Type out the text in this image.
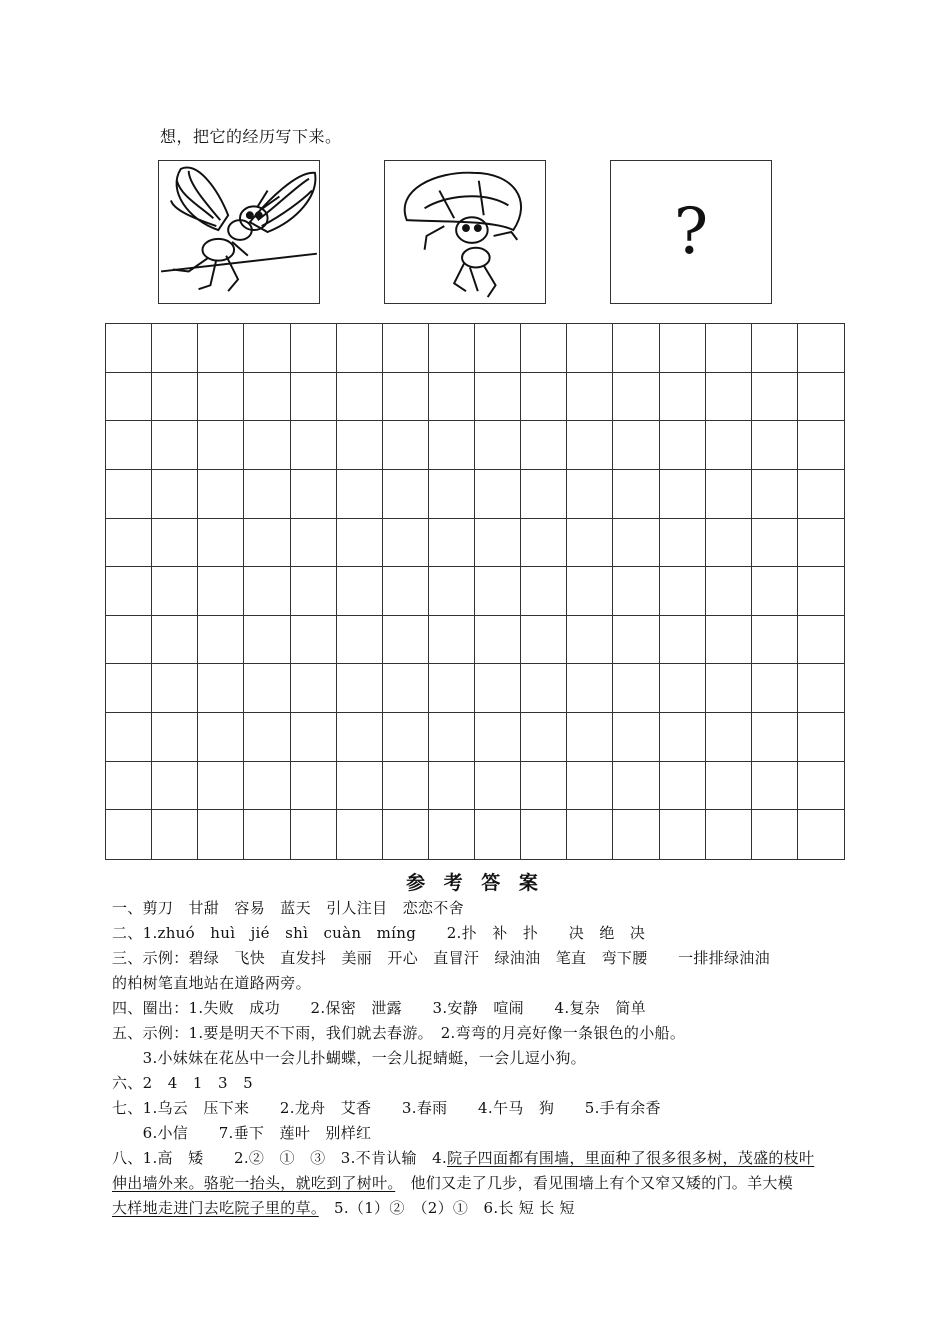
想，把它的经历写下来。
?
参 考 答 案
一、剪刀　甘甜　容易　蓝天　引人注目　恋恋不舍
二、1.zhuó　huì　jié　shì　cuàn　míng　　2.扑　补　扑　　决　绝　决
三、示例：碧绿　飞快　直发抖　美丽　开心　直冒汗　绿油油　笔直　弯下腰　　一排排绿油油
的柏树笔直地站在道路两旁。
四、圈出：1.失败　成功　　2.保密　泄露　　3.安静　喧闹　　4.复杂　简单
五、示例：1.要是明天不下雨，我们就去春游。　2.弯弯的月亮好像一条银色的小船。
　　3.小妹妹在花丛中一会儿扑蝴蝶，一会儿捉蜻蜓，一会儿逗小狗。
六、2　4　1　3　5
七、1.乌云　压下来　　2.龙舟　艾香　　3.春雨　　4.午马　狗　　5.手有余香
　　6.小信　　7.垂下　莲叶　别样红
八、1.高　矮　　2.②　①　③　3.不肯认输　4.院子四面都有围墙，里面种了很多很多树，茂盛的枝叶
伸出墙外来。骆驼一抬头，就吃到了树叶。　他们又走了几步，看见围墙上有个又窄又矮的门。羊大模
大样地走进门去吃院子里的草。　5.（1）②　（2）①　6.长 短 长 短
